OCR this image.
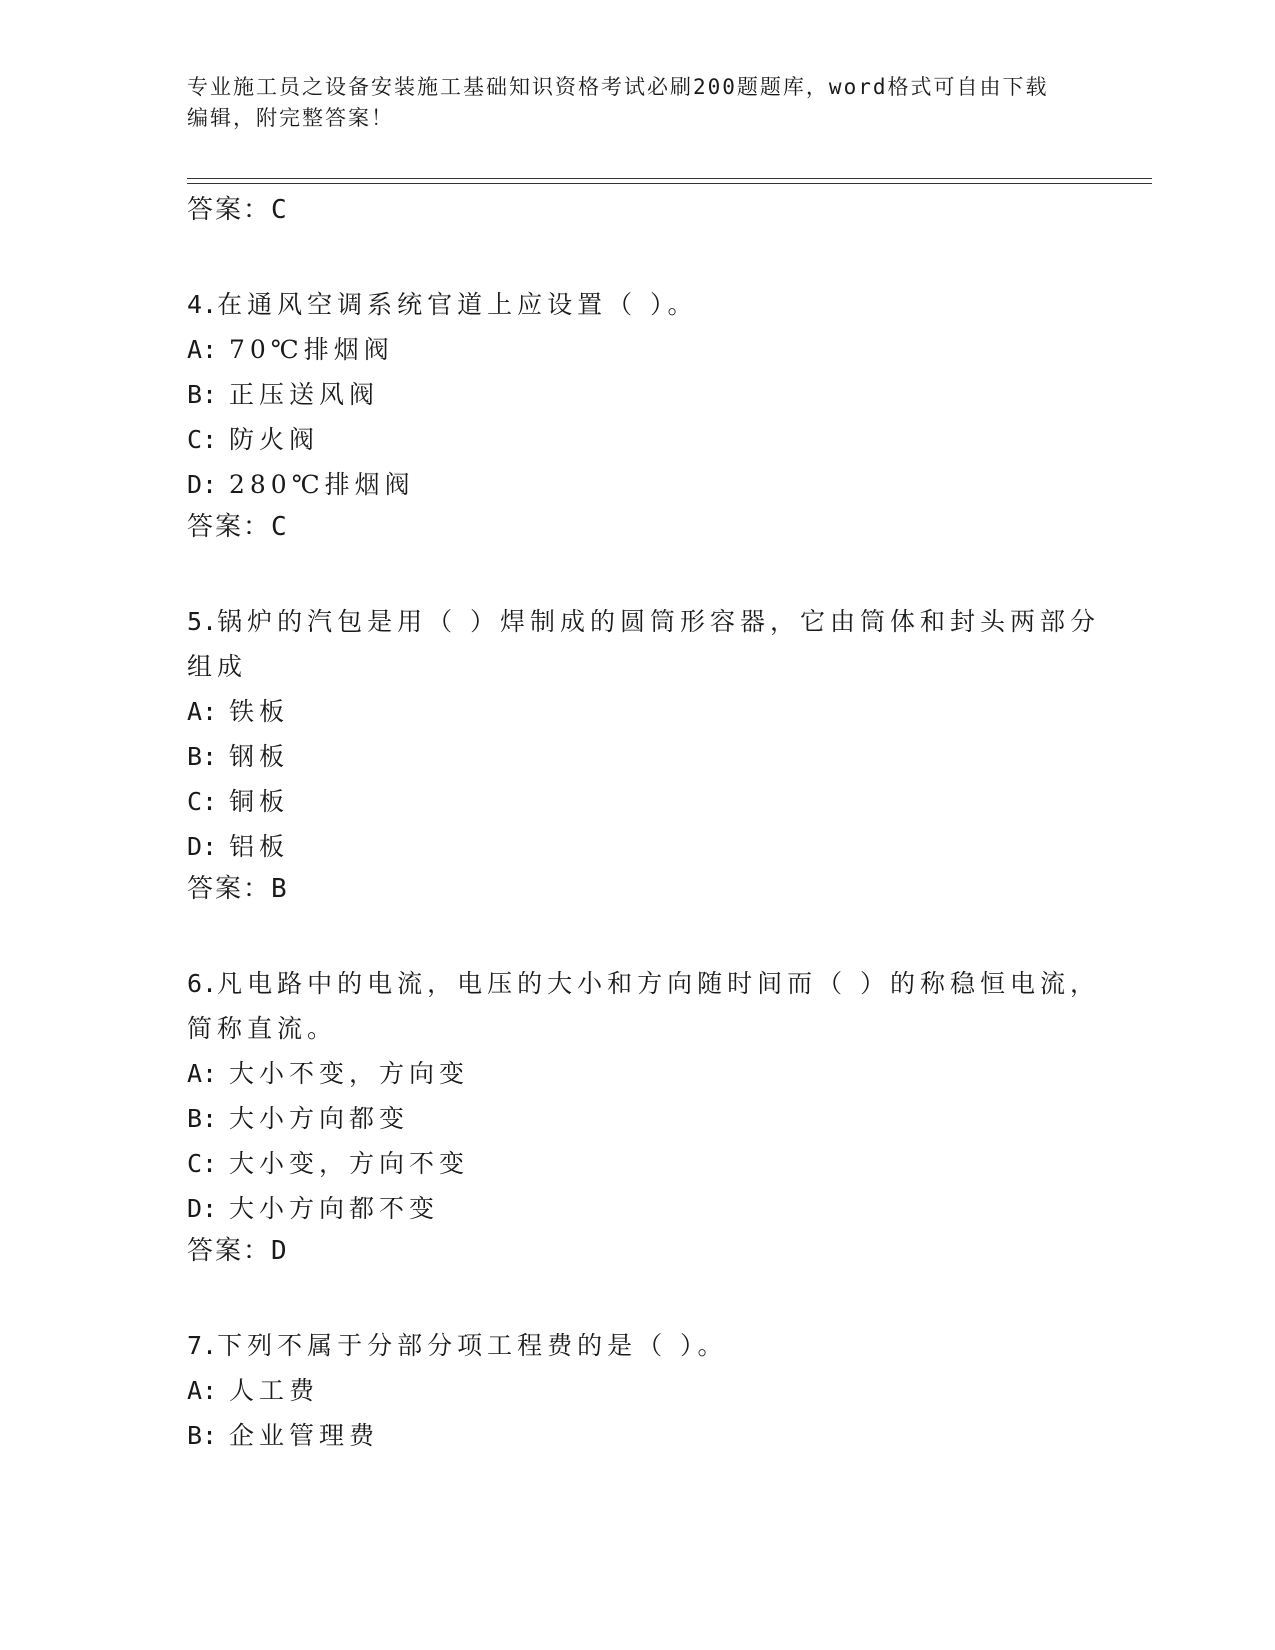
专业施工员之设备安装施工基础知识资格考试必刷200题题库，word格式可自由下载编辑，附完整答案！

答案：C

4.在通风空调系统官道上应设置（ ）。

A: 70℃排烟阀

B: 正压送风阀

C: 防火阀

D: 280℃排烟阀

答案：C

5.锅炉的汽包是用（ ）焊制成的圆筒形容器，它由筒体和封头两部分组成

A: 铁板

B: 钢板

C: 铜板

D: 铝板

答案：B

6.凡电路中的电流，电压的大小和方向随时间而（ ）的称稳恒电流，简称直流。

A: 大小不变，方向变

B: 大小方向都变

C: 大小变，方向不变

D: 大小方向都不变

答案：D

7.下列不属于分部分项工程费的是（ ）。

A: 人工费

B: 企业管理费
